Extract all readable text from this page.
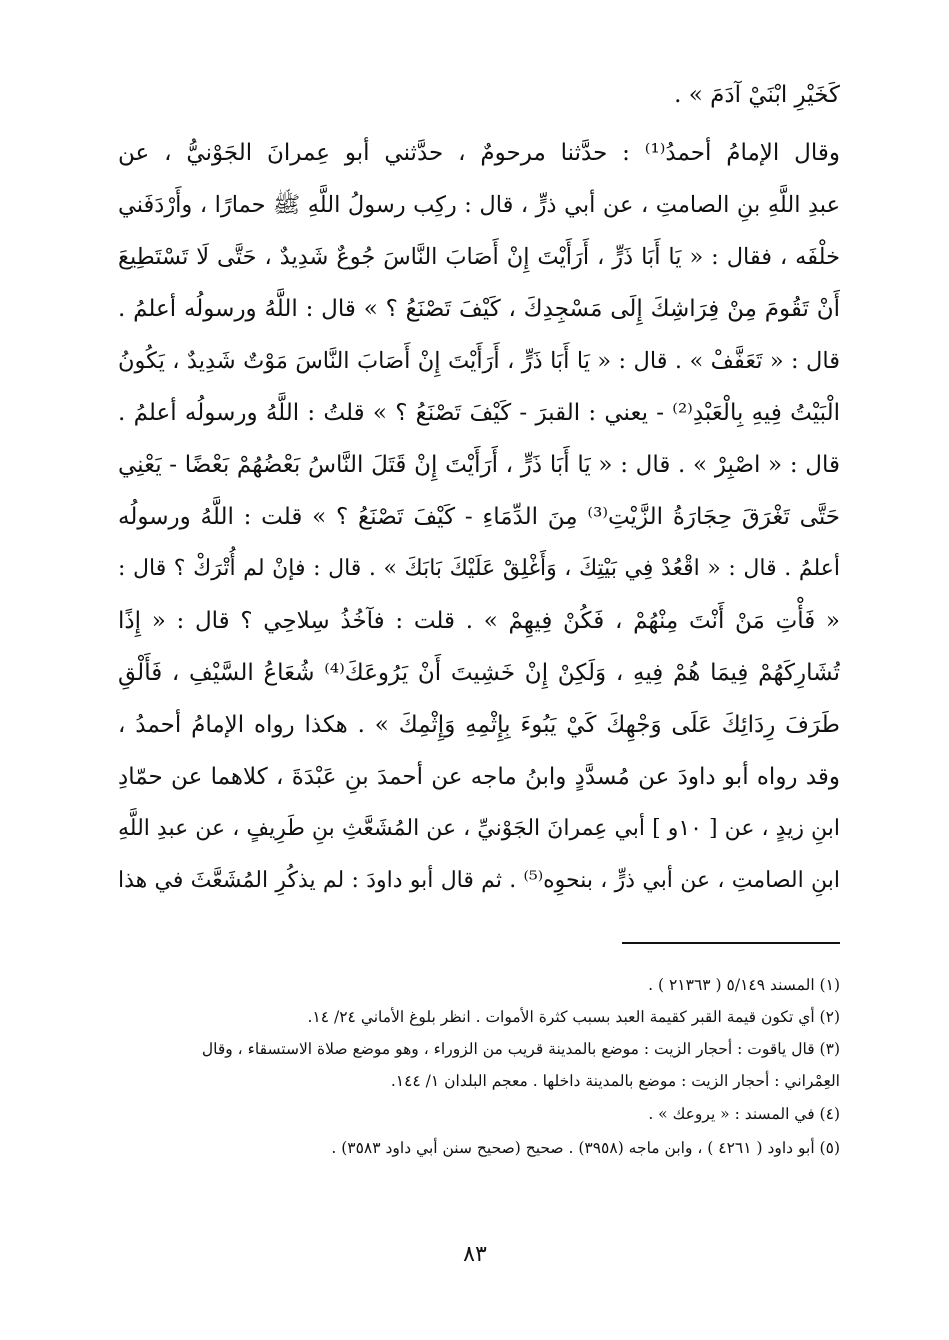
كَخَيْرِ ابْنَيْ آدَمَ » .
وقال الإمامُ أحمدُ⁽¹⁾ : حدَّثنا مرحومٌ ، حدَّثني أبو عِمرانَ الجَوْنيُّ ، عن
عبدِ اللَّهِ بنِ الصامتِ ، عن أبي ذرٍّ ، قال : ركِب رسولُ اللَّهِ ﷺ حمارًا ، وأَرْدَفَني
خلْفَه ، فقال : « يَا أَبَا ذَرٍّ ، أَرَأَيْتَ إِنْ أَصَابَ النَّاسَ جُوعٌ شَدِيدٌ ، حَتَّى لَا تَسْتَطِيعَ
أَنْ تَقُومَ مِنْ فِرَاشِكَ إِلَى مَسْجِدِكَ ، كَيْفَ تَصْنَعُ ؟ » قال : اللَّهُ ورسولُه أعلمُ .
قال : « تَعَفَّفْ » . قال : « يَا أَبَا ذَرٍّ ، أَرَأَيْتَ إِنْ أَصَابَ النَّاسَ مَوْتٌ شَدِيدٌ ، يَكُونُ
الْبَيْتُ فِيهِ بِالْعَبْدِ⁽²⁾ - يعني : القبرَ - كَيْفَ تَصْنَعُ ؟ » قلتُ : اللَّهُ ورسولُه أعلمُ .
قال : « اصْبِرْ » . قال : « يَا أَبَا ذَرٍّ ، أَرَأَيْتَ إِنْ قَتَلَ النَّاسُ بَعْضُهُمْ بَعْضًا - يَعْنِي
حَتَّى تَغْرَقَ حِجَارَةُ الزَّيْتِ⁽³⁾ مِنَ الدِّمَاءِ - كَيْفَ تَصْنَعُ ؟ » قلت : اللَّهُ ورسولُه
أعلمُ . قال : « اقْعُدْ فِي بَيْتِكَ ، وَأَغْلِقْ عَلَيْكَ بَابَكَ » . قال : فإنْ لم أُتْرَكْ ؟ قال :
« فَأْتِ مَنْ أَنْتَ مِنْهُمْ ، فَكُنْ فِيهِمْ » . قلت : فآخُذُ سِلاحِي ؟ قال : « إِذًا
تُشَارِكَهُمْ فِيمَا هُمْ فِيهِ ، وَلَكِنْ إِنْ خَشِيتَ أَنْ يَرُوعَكَ⁽⁴⁾ شُعَاعُ السَّيْفِ ، فَأَلْقِ
طَرَفَ رِدَائِكَ عَلَى وَجْهِكَ كَيْ يَبُوءَ بِإِثْمِهِ وَإِثْمِكَ » . هكذا رواه الإمامُ أحمدُ ،
وقد رواه أبو داودَ عن مُسدَّدٍ وابنُ ماجه عن أحمدَ بنِ عَبْدَةَ ، كلاهما عن حمّادِ
ابنِ زيدٍ ، عن [ ١٠و ] أبي عِمرانَ الجَوْنيِّ ، عن المُشَعَّثِ بنِ طَرِيفٍ ، عن عبدِ اللَّهِ
ابنِ الصامتِ ، عن أبي ذرٍّ ، بنحوِه⁽⁵⁾ . ثم قال أبو داودَ : لم يذكُرِ المُشَعَّثَ في هذا
(١) المسند ٥/١٤٩ ( ٢١٣٦٣ ) .
(٢) أي تكون قيمة القبر كقيمة العبد بسبب كثرة الأموات . انظر بلوغ الأماني ٢٤/ ١٤.
(٣) قال ياقوت : أحجار الزيت : موضع بالمدينة قريب من الزوراء ، وهو موضع صلاة الاستسقاء ، وقال
العِمْراني : أحجار الزيت : موضع بالمدينة داخلها . معجم البلدان ١/ ١٤٤.
(٤) في المسند : « يروعك » .
(٥) أبو داود ( ٤٢٦١ ) ، وابن ماجه (٣٩٥٨) . صحيح (صحيح سنن أبي داود ٣٥٨٣) .
٨٣
